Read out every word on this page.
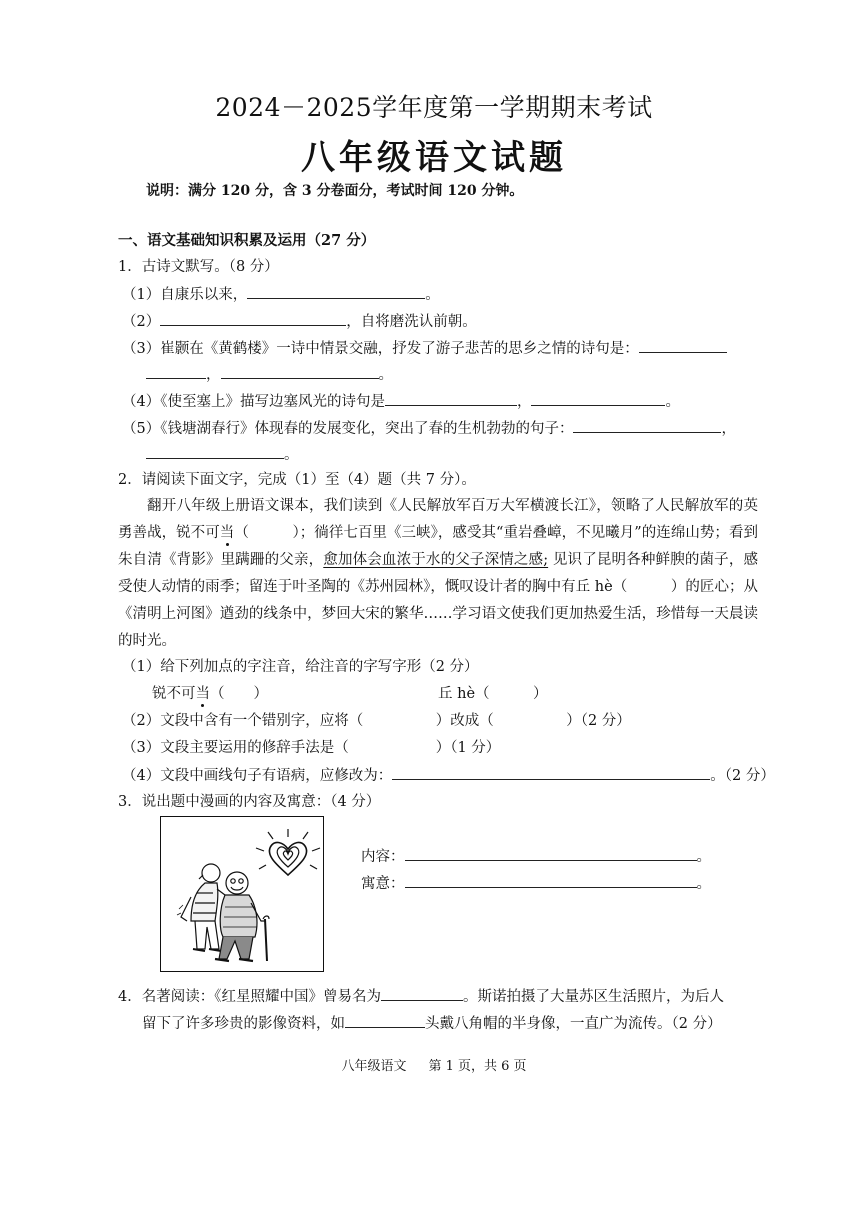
2024－2025学年度第一学期期末考试
八年级语文试题
说明：满分 120 分，含 3 分卷面分，考试时间 120 分钟。
一、语文基础知识积累及运用（27 分）
1．古诗文默写。（8 分）
（1）自康乐以来，	。
（2）	，自将磨洗认前朝。
（3）崔颢在《黄鹤楼》一诗中情景交融，抒发了游子悲苦的思乡之情的诗句是：
，	。
（4）《使至塞上》描写边塞风光的诗句是	，	。
（5）《钱塘湖春行》体现春的发展变化，突出了春的生机勃勃的句子：	，
。
2．请阅读下面文字，完成（1）至（4）题（共 7 分）。
翻开八年级上册语文课本，我们读到《人民解放军百万大军横渡长江》，领略了人民解放军的英勇善战，锐不可当（　　　）；徜徉七百里《三峡》，感受其“重岩叠嶂，不见曦月”的连绵山势；看到朱自清《背影》里蹒跚的父亲，愈加体会血浓于水的父子深情之感; 见识了昆明各种鲜腴的菌子，感受使人动情的雨季；留连于叶圣陶的《苏州园林》，慨叹设计者的胸中有丘 hè（　　　）的匠心；从《清明上河图》遒劲的线条中，梦回大宋的繁华……学习语文使我们更加热爱生活，珍惜每一天晨读的时光。
（1）给下列加点的字注音，给注音的字写字形（2 分）
锐不可当（　　）	丘 hè（　　　）
（2）文段中含有一个错别字，应将（　　　　　）改成（　　　　　）（2 分）
（3）文段主要运用的修辞手法是（　　　　　　）（1 分）
（4）文段中画线句子有语病，应修改为：	。（2 分）
3．说出题中漫画的内容及寓意：（4 分）
内容：	。
寓意：	。
4．名著阅读：《红星照耀中国》曾易名为	。斯诺拍摄了大量苏区生活照片，为后人
留下了许多珍贵的影像资料，如	头戴八角帽的半身像，一直广为流传。（2 分）
八年级语文 第 1 页，共 6 页
